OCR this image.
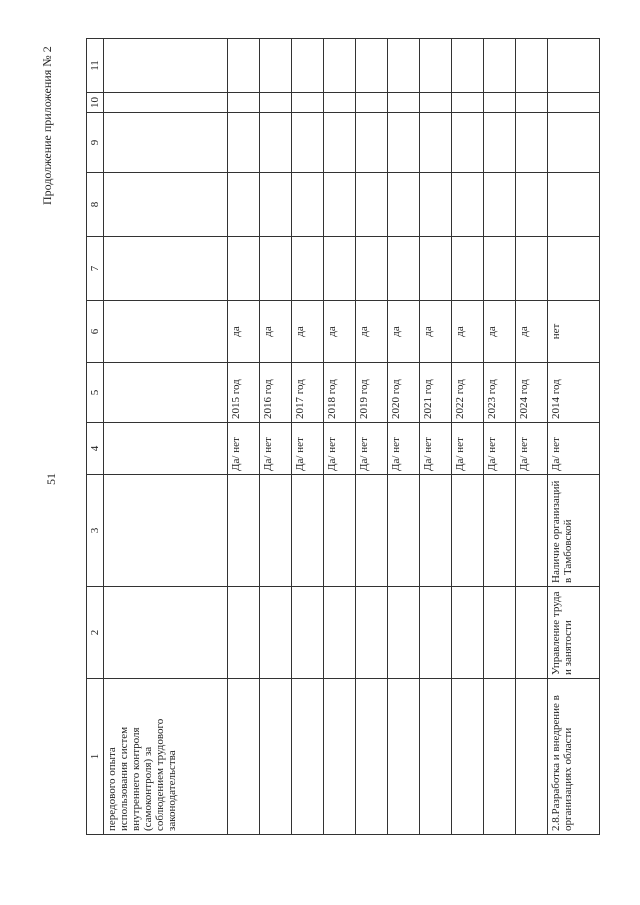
51
Продолжение приложения № 2
1	2	3	4	5	6	7	8	9	10	11
передового опыта использования систем внутреннего контроля (самоконтроля) за соблюдением трудового законодательства										
			Да/ нет	2015 год	да					
			Да/ нет	2016 год	да					
			Да/ нет	2017 год	да					
			Да/ нет	2018 год	да					
			Да/ нет	2019 год	да					
			Да/ нет	2020 год	да					
			Да/ нет	2021 год	да					
			Да/ нет	2022 год	да					
			Да/ нет	2023 год	да					
			Да/ нет	2024 год	да					
2.8.Разработка и внедрение в организациях области	Управление труда и занятости	Наличие организаций в Тамбовской	Да/ нет	2014 год	нет					
